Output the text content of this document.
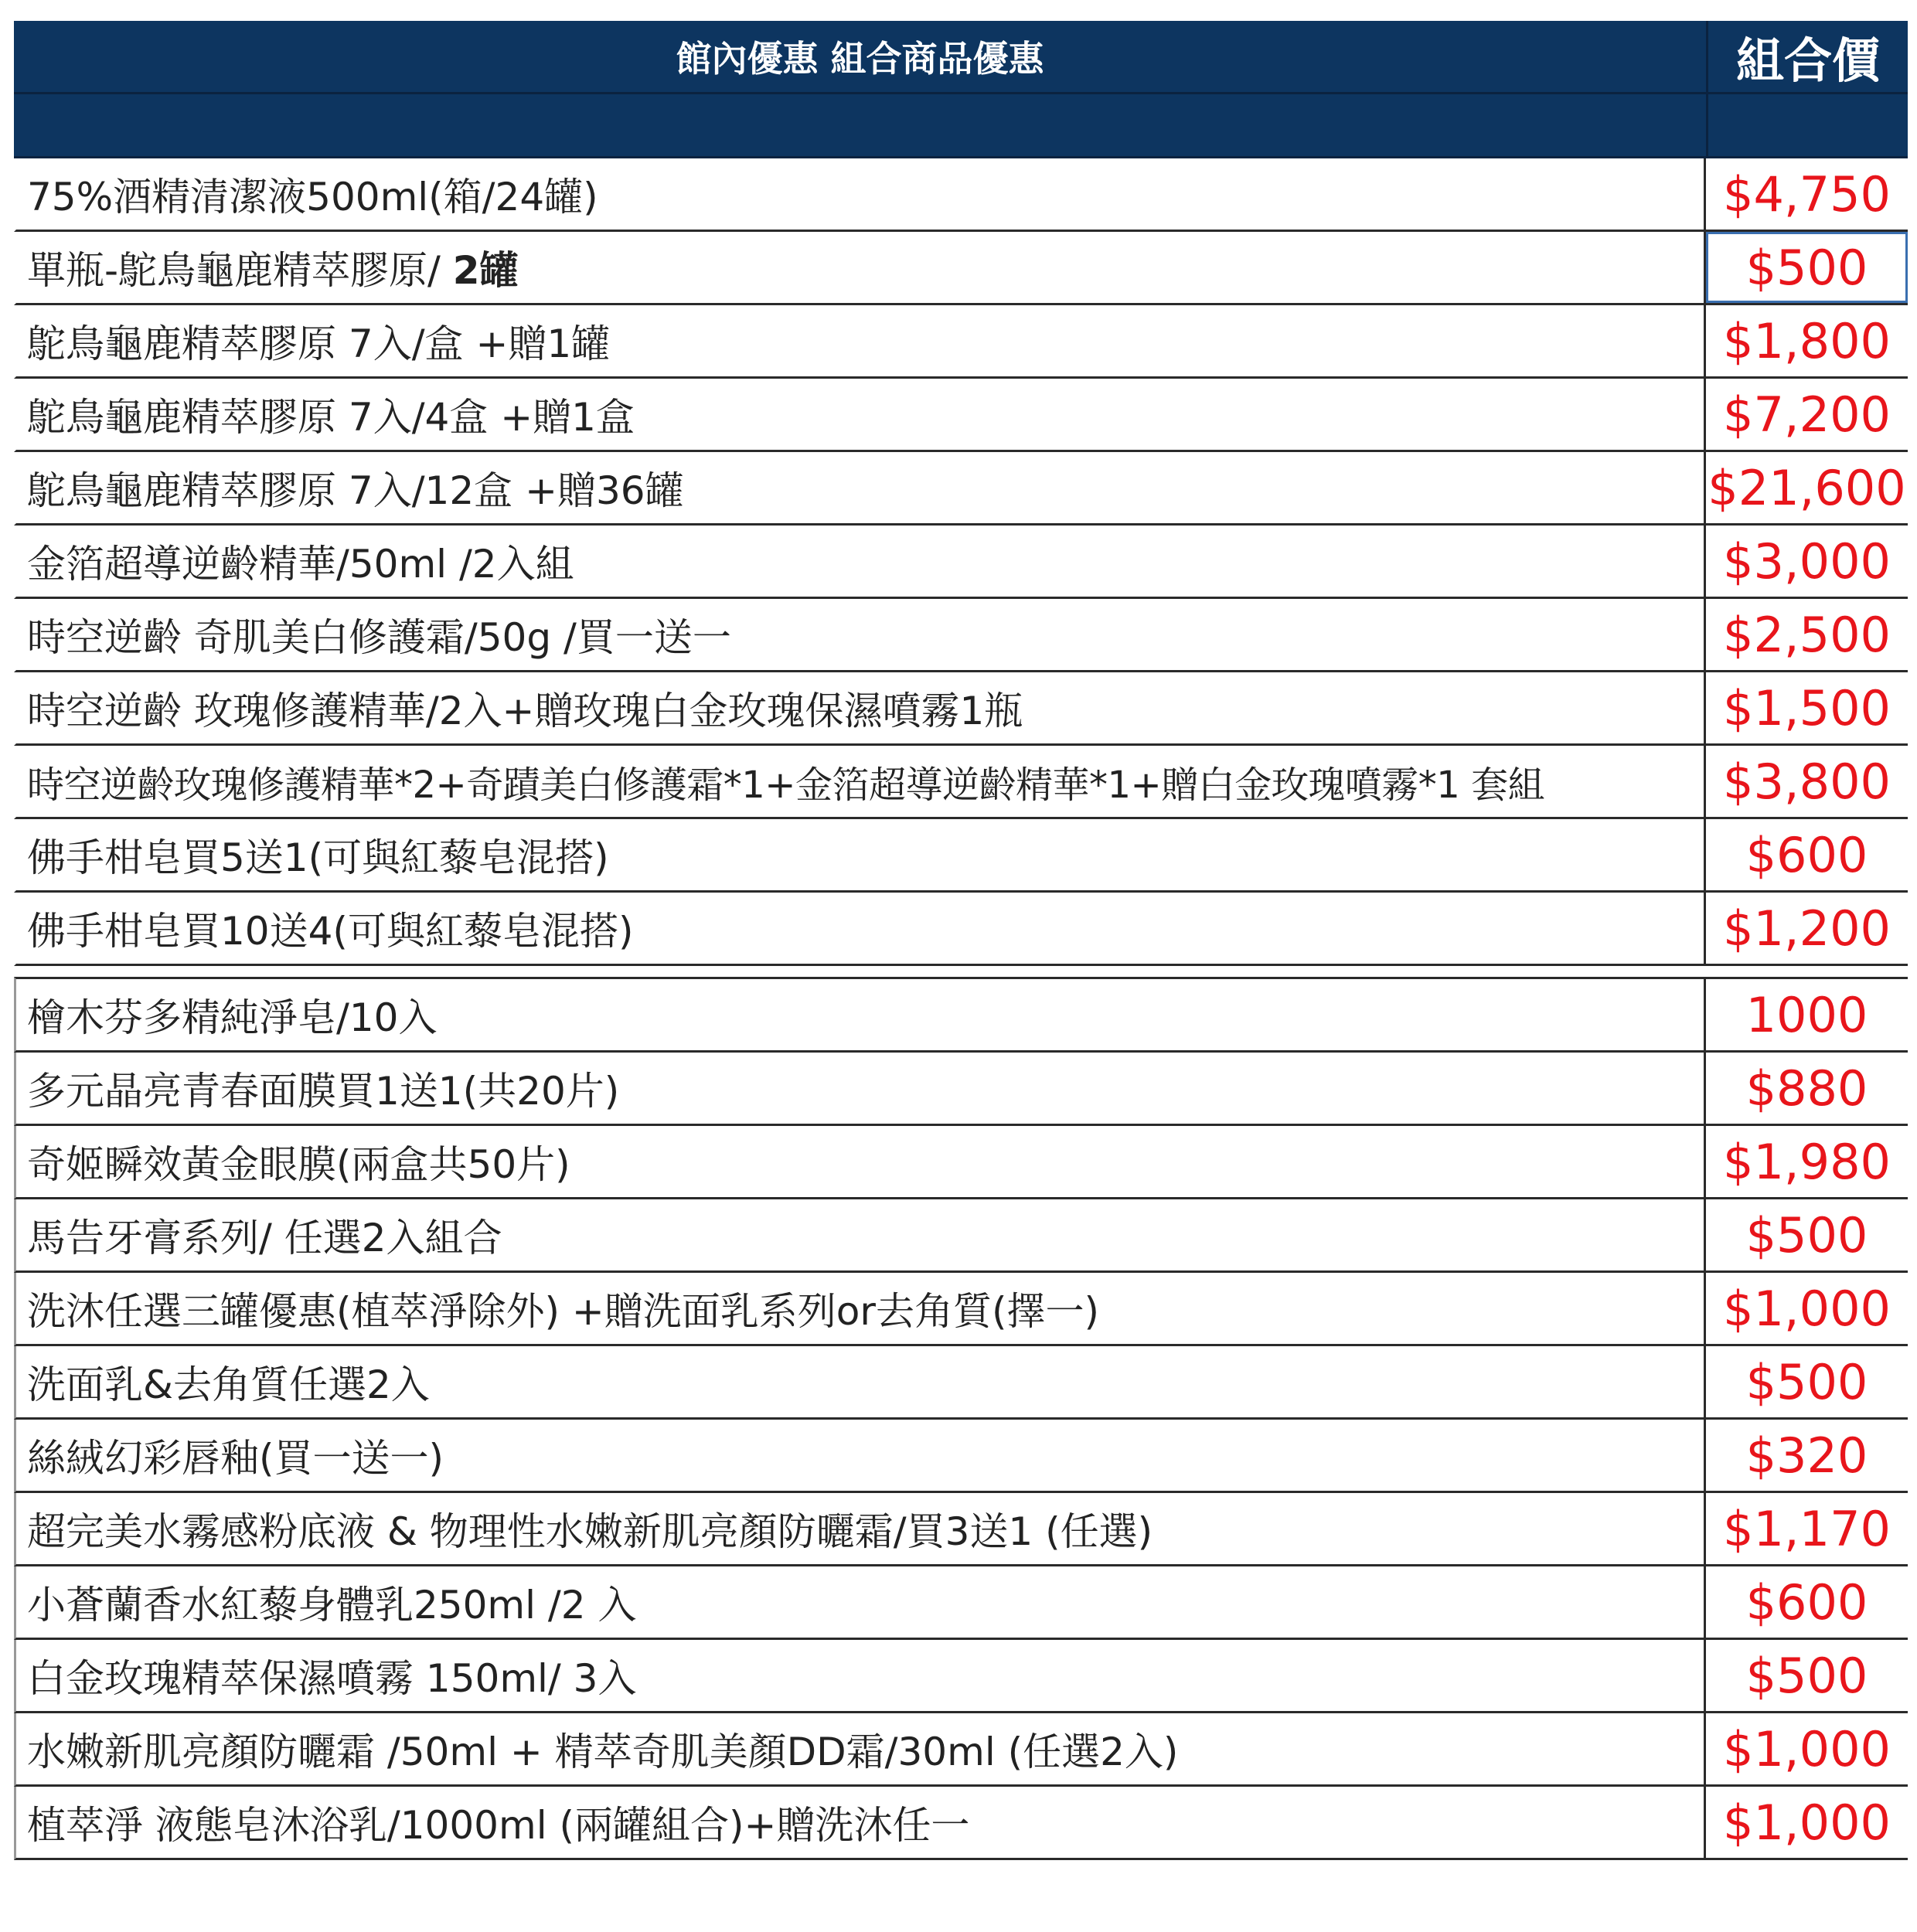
館內優惠 組合商品優惠	組合價
75%酒精清潔液500ml(箱/24罐)	$4,750
單瓶-鴕鳥龜鹿精萃膠原/ 2罐	$500
鴕鳥龜鹿精萃膠原 7入/盒 +贈1罐	$1,800
鴕鳥龜鹿精萃膠原 7入/4盒 +贈1盒	$7,200
鴕鳥龜鹿精萃膠原 7入/12盒 +贈36罐	$21,600
金箔超導逆齡精華/50ml /2入組	$3,000
時空逆齡 奇肌美白修護霜/50g /買一送一	$2,500
時空逆齡 玫瑰修護精華/2入+贈玫瑰白金玫瑰保濕噴霧1瓶	$1,500
時空逆齡玫瑰修護精華*2+奇蹟美白修護霜*1+金箔超導逆齡精華*1+贈白金玫瑰噴霧*1 套組	$3,800
佛手柑皂買5送1(可與紅藜皂混搭)	$600
佛手柑皂買10送4(可與紅藜皂混搭)	$1,200
檜木芬多精純淨皂/10入	1000
多元晶亮青春面膜買1送1(共20片)	$880
奇姬瞬效黃金眼膜(兩盒共50片)	$1,980
馬告牙膏系列/ 任選2入組合	$500
洗沐任選三罐優惠(植萃淨除外) +贈洗面乳系列or去角質(擇一)	$1,000
洗面乳&去角質任選2入	$500
絲絨幻彩唇釉(買一送一)	$320
超完美水霧感粉底液 & 物理性水嫩新肌亮顏防曬霜/買3送1 (任選)	$1,170
小蒼蘭香水紅藜身體乳250ml /2 入	$600
白金玫瑰精萃保濕噴霧 150ml/ 3入	$500
水嫩新肌亮顏防曬霜 /50ml + 精萃奇肌美顏DD霜/30ml (任選2入)	$1,000
植萃淨 液態皂沐浴乳/1000ml (兩罐組合)+贈洗沐任一	$1,000
